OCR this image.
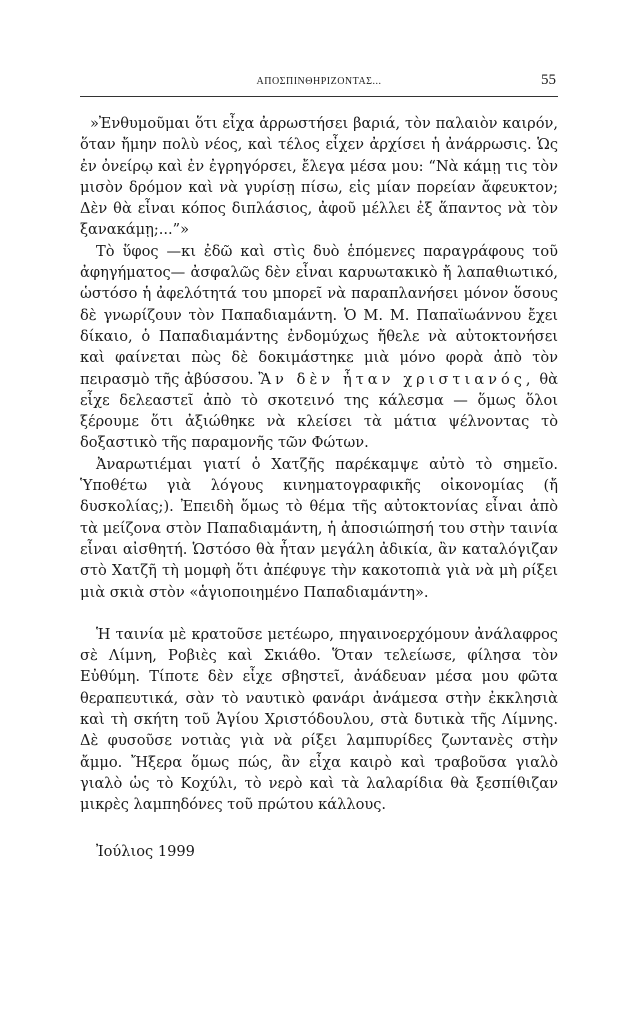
ΑΠΟΣΠΙΝΘΗΡΙΖΟΝΤΑΣ...	55

»Ἐνθυμοῦμαι ὅτι εἶχα ἀρρωστήσει βαριά, τὸν παλαιὸν καιρόν, ὅταν ἤμην πολὺ νέος, καὶ τέλος εἶχεν ἀρχίσει ἡ ἀνάρρωσις. Ὡς ἐν ὀνείρῳ καὶ ἐν ἐγρηγόρσει, ἔλεγα μέσα μου: “Νὰ κάμῃ τις τὸν μισὸν δρόμον καὶ νὰ γυρίσῃ πίσω, εἰς μίαν πορείαν ἄφευκτον; Δὲν θὰ εἶναι κόπος διπλάσιος, ἀφοῦ μέλλει ἐξ ἅπαντος νὰ τὸν ξανακάμῃ;...”»

Τὸ ὕφος —κι ἐδῶ καὶ στὶς δυὸ ἑπόμενες παραγράφους τοῦ ἀφηγήματος— ἀσφαλῶς δὲν εἶναι καρυωτακικὸ ἤ λαπαθιωτικό, ὡστόσο ἡ ἀφελότητά του μπορεῖ νὰ παραπλανήσει μόνον ὅσους δὲ γνωρίζουν τὸν Παπαδιαμάντη. Ὁ Μ. Μ. Παπαϊωάννου ἔχει δίκαιο, ὁ Παπαδιαμάντης ἐνδομύχως ἤθελε νὰ αὐτοκτονήσει καὶ φαίνεται πὼς δὲ δοκιμάστηκε μιὰ μόνο φορὰ ἀπὸ τὸν πειρασμὸ τῆς ἀβύσσου. Ἂν δὲν ἦταν χριστιανός, θὰ εἶχε δελεαστεῖ ἀπὸ τὸ σκοτεινό της κάλεσμα — ὅμως ὅλοι ξέρουμε ὅτι ἀξιώθηκε νὰ κλείσει τὰ μάτια ψέλνοντας τὸ δοξαστικὸ τῆς παραμονῆς τῶν Φώτων.

Ἀναρωτιέμαι γιατί ὁ Χατζῆς παρέκαμψε αὐτὸ τὸ σημεῖο. Ὑποθέτω γιὰ λόγους κινηματογραφικῆς οἰκονομίας (ἤ δυσκολίας;). Ἐπειδὴ ὅμως τὸ θέμα τῆς αὐτοκτονίας εἶναι ἀπὸ τὰ μείζονα στὸν Παπαδιαμάντη, ἡ ἀποσιώπησή του στὴν ταινία εἶναι αἰσθητή. Ὡστόσο θὰ ἦταν μεγάλη ἀδικία, ἂν καταλόγιζαν στὸ Χατζῆ τὴ μομφὴ ὅτι ἀπέφυγε τὴν κακοτοπιὰ γιὰ νὰ μὴ ρίξει μιὰ σκιὰ στὸν «ἁγιοποιημένο Παπαδιαμάντη».

Ἡ ταινία μὲ κρατοῦσε μετέωρο, πηγαινοερχόμουν ἀνάλαφρος σὲ Λίμνη, Ροβιὲς καὶ Σκιάθο. Ὅταν τελείωσε, φίλησα τὸν Εὐθύμη. Τίποτε δὲν εἶχε σβηστεῖ, ἀνάδευαν μέσα μου φῶτα θεραπευτικά, σὰν τὸ ναυτικὸ φανάρι ἀνάμεσα στὴν ἐκκλησιὰ καὶ τὴ σκήτη τοῦ Ἁγίου Χριστόδουλου, στὰ δυτικὰ τῆς Λίμνης. Δὲ φυσοῦσε νοτιὰς γιὰ νὰ ρίξει λαμπυρίδες ζωντανὲς στὴν ἄμμο. Ἤξερα ὅμως πώς, ἂν εἶχα καιρὸ καὶ τραβοῦσα γιαλὸ γιαλὸ ὡς τὸ Κοχύλι, τὸ νερὸ καὶ τὰ λαλαρίδια θὰ ξεσπίθιζαν μικρὲς λαμπηδόνες τοῦ πρώτου κάλλους.

Ἰούλιος 1999
